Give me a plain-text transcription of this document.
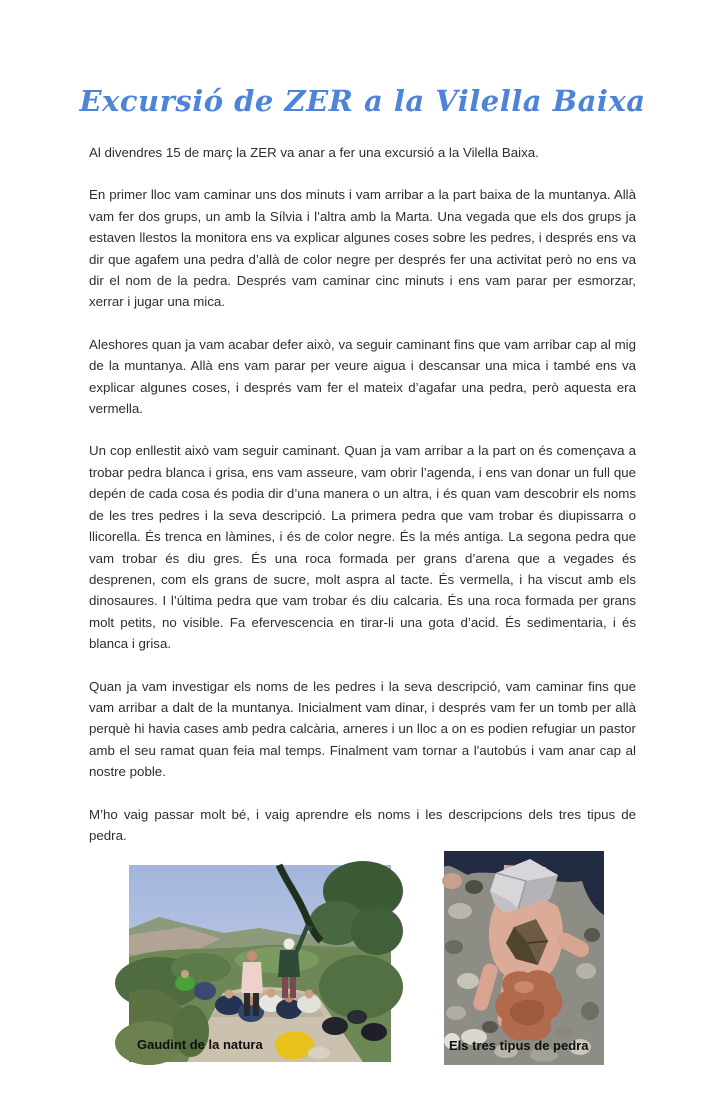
Excursió de ZER a la Vilella Baixa

Al divendres 15 de març la ZER va anar a fer una excursió a la Vilella Baixa.

En primer lloc vam caminar uns dos minuts i vam arribar a la part baixa de la muntanya. Allà vam fer dos grups, un amb la Sílvia i l’altra amb la Marta. Una vegada que els dos grups ja estaven llestos la monitora ens va explicar algunes coses sobre les pedres, i després ens va dir que agafem una pedra d’allà de color negre per després fer una activitat però no ens va dir el nom de la pedra. Després vam caminar cinc minuts i ens vam parar per esmorzar, xerrar i jugar una mica.

Aleshores quan ja vam acabar defer això, va seguir caminant fins que vam arribar cap al mig de la muntanya. Allà ens vam parar per veure aigua i descansar una mica i també ens va explicar algunes coses, i després vam fer el mateix d’agafar una pedra, però aquesta era vermella.

Un cop enllestit això vam seguir caminant. Quan ja vam arribar a la part on és començava a trobar pedra blanca i grisa, ens vam asseure, vam obrir l’agenda, i ens van donar un full que depén de cada cosa és podia dir d’una manera o un altra, i és quan vam descobrir els noms de les tres pedres i la seva descripció. La primera pedra que vam trobar és diupissarra o llicorella. És trenca en làmines, i és de color negre. És la més antiga. La segona pedra que vam trobar és diu gres. És una roca formada per grans d’arena que a vegades és desprenen, com els grans de sucre, molt aspra al tacte. És vermella, i ha viscut amb els dinosaures. I l’última pedra que vam trobar és diu calcaria. És una roca formada per grans molt petits, no visible. Fa efervescencia en tirar-li una gota d’acid. És sedimentaria, i és blanca i grisa.

Quan ja vam investigar els noms de les pedres i la seva descripció, vam caminar fins que vam arribar a dalt de la muntanya. Inicialment vam dinar, i després vam fer un tomb per allà perquè hi havia cases amb pedra calcària, arneres i un lloc a on es podien refugiar un pastor amb el seu ramat quan feia mal temps. Finalment vam tornar a l'autobús i vam anar cap al nostre poble.

M’ho vaig passar molt bé, i vaig aprendre els noms i les descripcions dels tres tipus de pedra.

Gaudint de la natura	Els tres tipus de pedra
